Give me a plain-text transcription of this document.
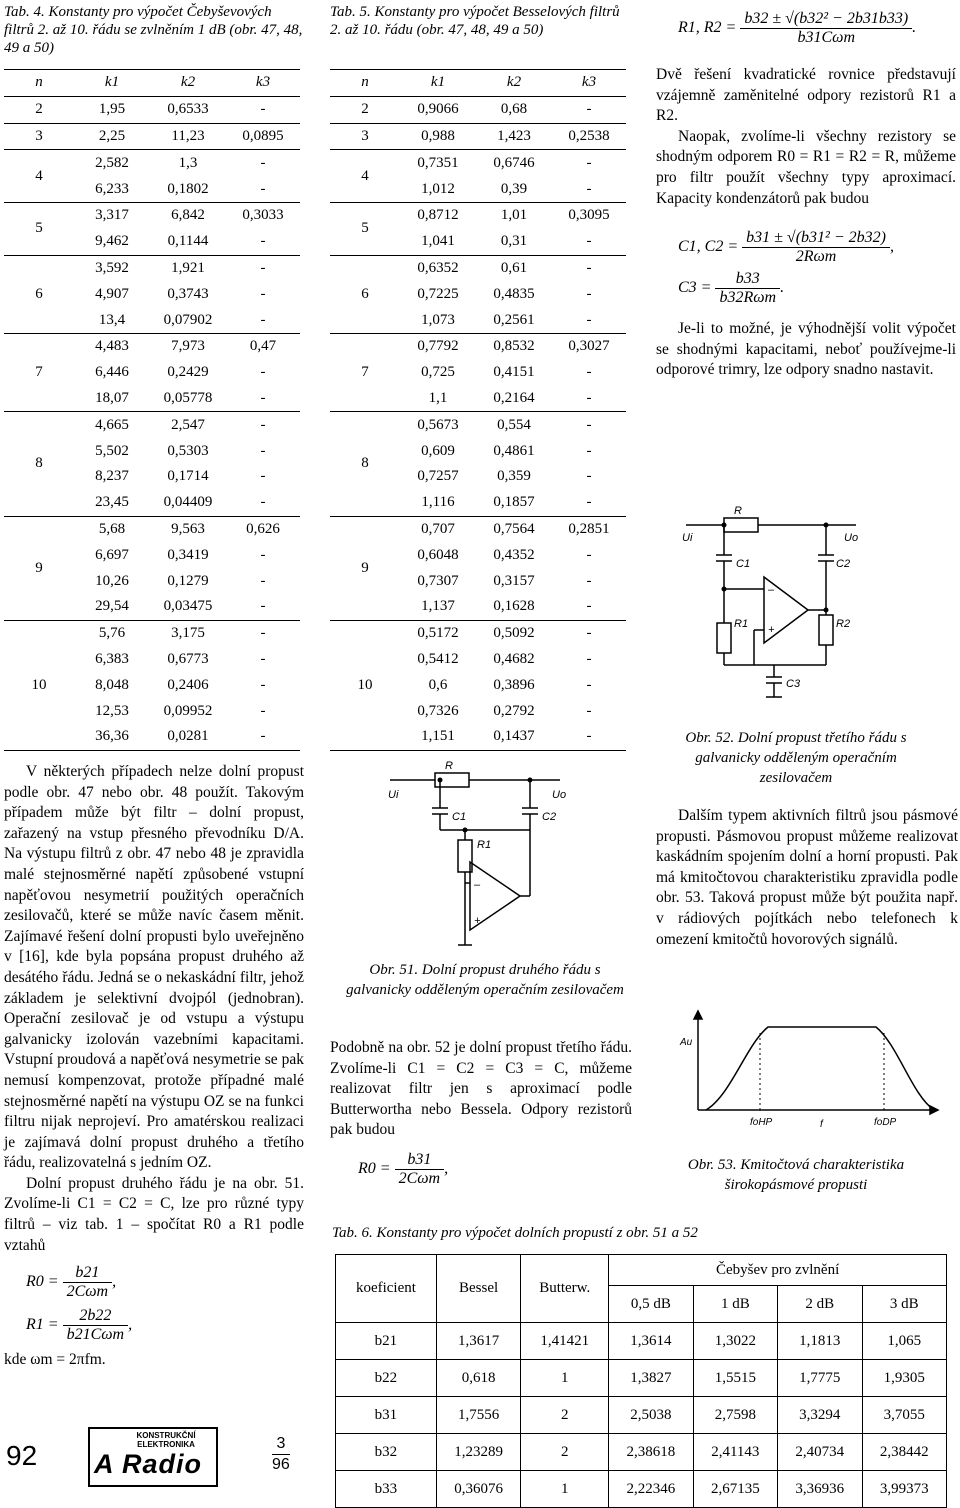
Tab. 4. Konstanty pro výpočet Čebyševových filtrů 2. až 10. řádu se zvlněním 1 dB (obr. 47, 48, 49 a 50)
n	k1	k2	k3
2	1,95	0,6533	-
3	2,25	11,23	0,0895
4	2,582	1,3	-
	6,233	0,1802	-
5	3,317	6,842	0,3033
	9,462	0,1144	-
6	3,592	1,921	-
	4,907	0,3743	-
	13,4	0,07902	-
7	4,483	7,973	0,47
	6,446	0,2429	-
	18,07	0,05778	-
8	4,665	2,547	-
	5,502	0,5303	-
	8,237	0,1714	-
	23,45	0,04409	-
9	5,68	9,563	0,626
	6,697	0,3419	-
	10,26	0,1279	-
	29,54	0,03475	-
10	5,76	3,175	-
	6,383	0,6773	-
	8,048	0,2406	-
	12,53	0,09952	-
	36,36	0,0281	-

V některých případech nelze dolní propust podle obr. 47 nebo obr. 48 použít. Takovým případem může být filtr – dolní propust, zařazený na vstup přesného převodníku D/A. Na výstupu filtrů z obr. 47 nebo 48 je zpravidla malé stejnosměrné napětí způsobené vstupní napěťovou nesymetrií použitých operačních zesilovačů, které se může navíc časem měnit. Zajímavé řešení dolní propusti bylo uveřejněno v [16], kde byla popsána propust druhého až desátého řádu. Jedná se o nekaskádní filtr, jehož základem je selektivní dvojpól (jednobran). Operační zesilovač je od vstupu a výstupu galvanicky izolován vazebními kapacitami. Vstupní proudová a napěťová nesymetrie se pak nemusí kompenzovat, protože případné malé stejnosměrné napětí na výstupu OZ se na funkci filtru nijak neprojeví. Pro amatérskou realizaci je zajímavá dolní propust druhého a třetího řádu, realizovatelná s jedním OZ.

Dolní propust druhého řádu je na obr. 51. Zvolíme-li C1 = C2 = C, lze pro různé typy filtrů – viz tab. 1 – spočítat R0 a R1 podle vztahů

$R0 = \frac{b21}{\text{2Cωm}}$ ,
$R1 = \frac{2b22}{\text{b21Cωm}}$ ,

kde ωm = 2πfm.

92
KONSTRUKČNÍ ELEKTRONIKA
A Radio
3
96
Tab. 5. Konstanty pro výpočet Besselových filtrů 2. až 10. řádu (obr. 47, 48, 49 a 50)
n	k1	k2	k3
2	0,9066	0,68	-
3	0,988	1,423	0,2538
4	0,7351	0,6746	-
	1,012	0,39	-
5	0,8712	1,01	0,3095
	1,041	0,31	-
6	0,6352	0,61	-
	0,7225	0,4835	-
	1,073	0,2561	-
7	0,7792	0,8532	0,3027
	0,725	0,4151	-
	1,1	0,2164	-
8	0,5673	0,554	-
	0,609	0,4861	-
	0,7257	0,359	-
	1,116	0,1857	-
9	0,707	0,7564	0,2851
	0,6048	0,4352	-
	0,7307	0,3157	-
	1,137	0,1628	-
10	0,5172	0,5092	-
	0,5412	0,4682	-
	0,6	0,3896	-
	0,7326	0,2792	-
	1,151	0,1437	-
R
Ui	Uo
C1	C2
R1
–
+
Obr. 51. Dolní propust druhého řádu s galvanicky odděleným operačním zesilovačem

Podobně na obr. 52 je dolní propust třetího řádu. Zvolíme-li C1 = C2 = C3 = C, můžeme realizovat filtr jen s aproximací podle Butterwortha nebo Bessela. Odpory rezistorů pak budou

$R0 = \frac{b31}{\text{2Cωm}}$ ,
R1, $R2 = \frac{\text{b32 ± √(b32² − 2b31b33)}}{\text{b31Cωm}}$ .

Dvě řešení kvadratické rovnice představují vzájemně zaměnitelné odpory rezistorů R1 a R2.

Naopak, zvolíme-li všechny rezistory se shodným odporem R0 = R1 = R2 = R, můžeme pro filtr použít všechny typy aproximací. Kapacity kondenzátorů pak budou

C1, $C2 = \frac{\text{b31 ± √(b31² − 2b32)}}{\text{2Rωm}}$ ,
$C3 = \frac{b33}{\text{b32Rωm}}$ .

Je-li to možné, je výhodnější volit výpočet se shodnými kapacitami, neboť používejme-li odporové trimry, lze odpory snadno nastavit.

R
Ui	Uo
C1	C2
R1	R2
C3
–
+
Obr. 52. Dolní propust třetího řádu s galvanicky odděleným operačním zesilovačem

Dalším typem aktivních filtrů jsou pásmové propusti. Pásmovou propust můžeme realizovat kaskádním spojením dolní a horní propusti. Pak má kmitočtovou charakteristiku zpravidla podle obr. 53. Taková propust může být použita např. v rádiových pojítkách nebo telefonech k omezení kmitočtů hovorových signálů.

Au
foHP	f	foDP
Obr. 53. Kmitočtová charakteristika širokopásmové propusti
Tab. 6. Konstanty pro výpočet dolních propustí z obr. 51 a 52
koeficient	Bessel	Butterw.	Čebyšev pro zvlnění			
			0,5 dB	1 dB	2 dB	3 dB
b21	1,3617	1,41421	1,3614	1,3022	1,1813	1,065
b22	0,618	1	1,3827	1,5515	1,7775	1,9305
b31	1,7556	2	2,5038	2,7598	3,3294	3,7055
b32	1,23289	2	2,38618	2,41143	2,40734	2,38442
b33	0,36076	1	2,22346	2,67135	3,36936	3,99373
